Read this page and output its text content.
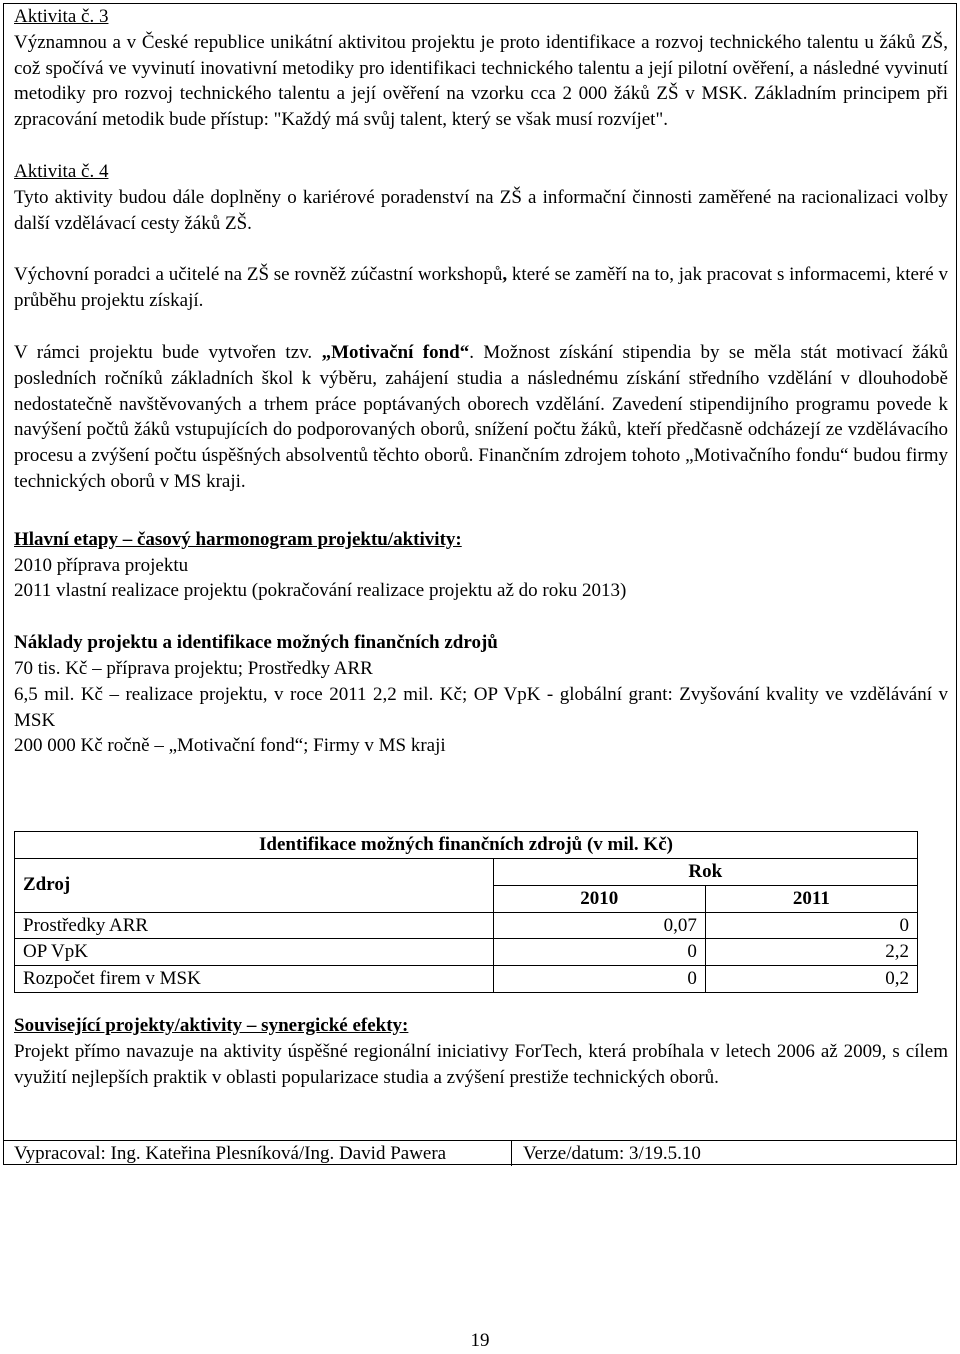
Aktivita č. 3

Významnou a v České republice unikátní aktivitou projektu je proto identifikace a rozvoj technického talentu u žáků ZŠ, což spočívá ve vyvinutí inovativní metodiky pro identifikaci technického talentu a její pilotní ověření, a následné vyvinutí metodiky pro rozvoj technického talentu a její ověření na vzorku cca 2 000 žáků ZŠ v MSK. Základním principem při zpracování metodik bude přístup: "Každý má svůj talent, který se však musí rozvíjet".

Aktivita č. 4

Tyto aktivity budou dále doplněny o kariérové poradenství na ZŠ a informační činnosti zaměřené na racionalizaci volby další vzdělávací cesty žáků ZŠ.

Výchovní poradci a učitelé na ZŠ se rovněž zúčastní workshopů, které se zaměří na to, jak pracovat s informacemi, které v průběhu projektu získají.

V rámci projektu bude vytvořen tzv. „Motivační fond“. Možnost získání stipendia by se měla stát motivací žáků posledních ročníků základních škol k výběru, zahájení studia a následnému získání středního vzdělání v dlouhodobě nedostatečně navštěvovaných a trhem práce poptávaných oborech vzdělání. Zavedení stipendijního programu povede k navýšení počtů žáků vstupujících do podporovaných oborů, snížení počtu žáků, kteří předčasně odcházejí ze vzdělávacího procesu a zvýšení počtu úspěšných absolventů těchto oborů. Finančním zdrojem tohoto „Motivačního fondu“ budou firmy technických oborů v MS kraji.

Hlavní etapy – časový harmonogram projektu/aktivity:

2010 příprava projektu

2011 vlastní realizace projektu (pokračování realizace projektu až do roku 2013)

Náklady projektu a identifikace možných finančních zdrojů

70 tis. Kč – příprava projektu; Prostředky ARR

6,5 mil. Kč – realizace projektu, v roce 2011 2,2 mil. Kč; OP VpK - globální grant: Zvyšování kvality ve vzdělávání v MSK

200 000 Kč ročně – „Motivační fond“; Firmy v MS kraji

Identifikace možných finančních zdrojů (v mil. Kč)		
Zdroj	Rok	
	2010	2011
Prostředky ARR	0,07	0
OP VpK	0	2,2
Rozpočet firem v MSK	0	0,2

Související projekty/aktivity – synergické efekty:

Projekt přímo navazuje na aktivity úspěšné regionální iniciativy ForTech, která probíhala v letech 2006 až 2009, s cílem využití nejlepších praktik v oblasti popularizace studia a zvýšení prestiže technických oborů.

Vypracoval: Ing. Kateřina Plesníková/Ing. David Pawera	Verze/datum: 3/19.5.10
19
